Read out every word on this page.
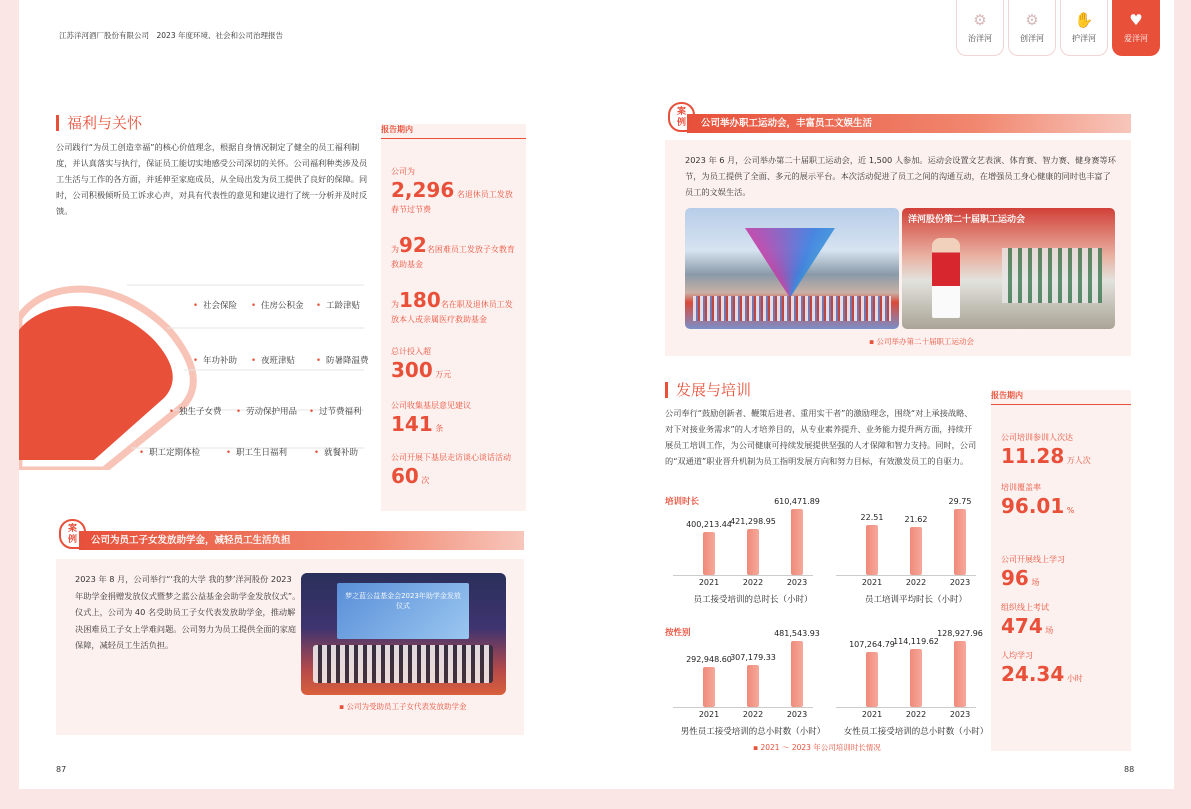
江苏洋河酒厂股份有限公司　2023 年度环境、社会和公司治理报告
⚙
治洋河
⚙
创洋河
✋
护洋河
♥
爱洋河
福利与关怀

公司践行“为员工创造幸福”的核心价值理念，根据自身情况制定了健全的员工福利制度，并认真落实与执行，保证员工能切实地感受公司深切的关怀。公司福利种类涉及员工生活与工作的各方面，并延伸至家庭成员，从全局出发为员工提供了良好的保障。同时，公司积极倾听员工诉求心声，对具有代表性的意见和建议进行了统一分析并及时反馈。

• 社会保险	• 住房公积金	• 工龄津贴
• 年功补助	• 夜班津贴	• 防暑降温费
• 独生子女费	• 劳动保护用品	• 过节费福利
• 职工定期体检	• 职工生日福利	• 就餐补助
报告期内
公司为
2,296 名退休员工发放春节过节费
为92名困难员工发放子女教育救助基金
为180名在职及退休员工发放本人或亲属医疗救助基金
总计投入超
300 万元
公司收集基层意见建议
141 条
公司开展下基层走访谈心谈话活动
60 次
案
例	公司为员工子女发放助学金，减轻员工生活负担

2023 年 8 月，公司举行“‘我的大学 我的梦’洋河股份 2023 年助学金捐赠发放仪式暨梦之蓝公益基金会助学金发放仪式”。仪式上，公司为 40 名受助员工子女代表发放助学金，推动解决困难员工子女上学难问题。公司努力为员工提供全面的家庭保障，减轻员工生活负担。

梦之蓝公益基金会2023年助学金发放仪式
▪ 公司为受助员工子女代表发放助学金
87
案
例	公司举办职工运动会，丰富员工文娱生活

2023 年 6 月，公司举办第二十届职工运动会，近 1,500 人参加。运动会设置文艺表演、体育赛、智力赛、健身赛等环节，为员工提供了全面、多元的展示平台。本次活动促进了员工之间的沟通互动，在增强员工身心健康的同时也丰富了员工的文娱生活。

洋河股份第二十届职工运动会
▪ 公司举办第二十届职工运动会
发展与培训

公司奉行“鼓励创新者、鞭策后进者、重用实干者”的激励理念，围绕“对上承接战略、对下对接业务需求”的人才培养目的，从专业素养提升、业务能力提升两方面，持续开展员工培训工作，为公司健康可持续发展提供坚强的人才保障和智力支持。同时，公司的“双通道”职业晋升机制为员工指明发展方向和努力目标，有效激发员工的自驱力。

培训时长
按性别
▪ 2021 ～ 2023 年公司培训时长情况
报告期内
公司培训参训人次达
11.28 万人次
培训覆盖率
96.01 %
公司开展线上学习
96 场
组织线上考试
474 场
人均学习
24.34 小时
88
400,213.44
2021
421,298.95
2022
610,471.89
2023
员工接受培训的总时长（小时）
22.51
2021
21.62
2022
29.75
2023
员工培训平均时长（小时）
292,948.60
2021
307,179.33
2022
481,543.93
2023
男性员工接受培训的总小时数（小时）
107,264.79
2021
114,119.62
2022
128,927.96
2023
女性员工接受培训的总小时数（小时）
